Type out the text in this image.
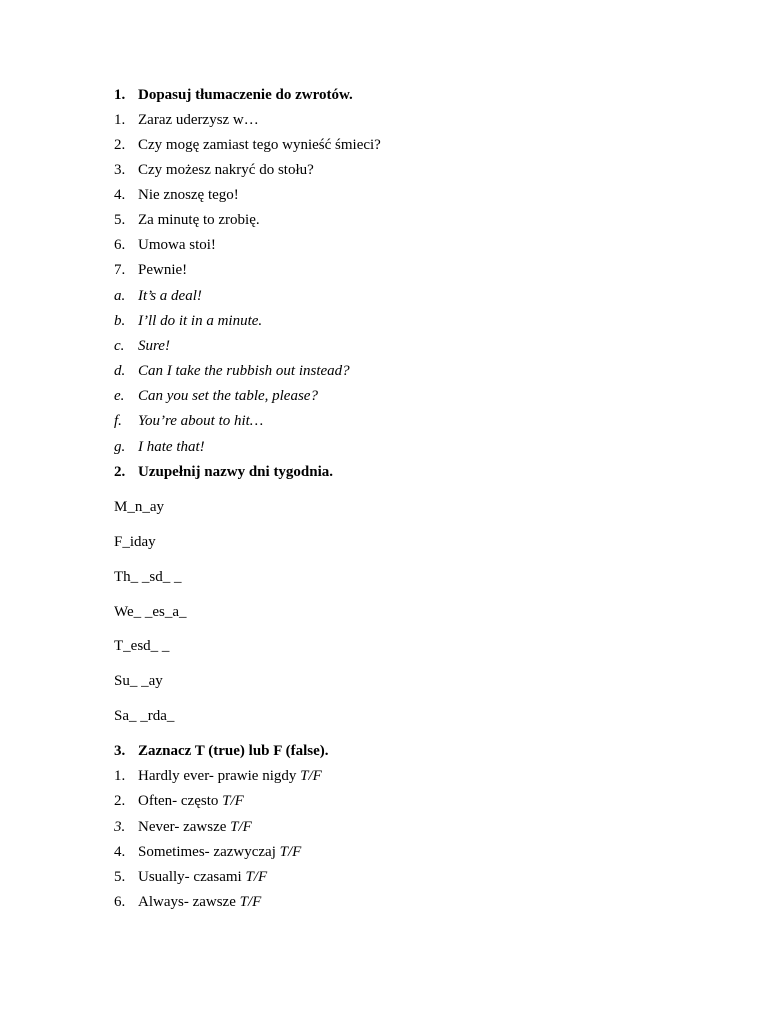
1. Dopasuj tłumaczenie do zwrotów.
1. Zaraz uderzysz w…
2. Czy mogę zamiast tego wynieść śmieci?
3. Czy możesz nakryć do stołu?
4. Nie znoszę tego!
5. Za minutę to zrobię.
6. Umowa stoi!
7. Pewnie!
a. It’s a deal!
b. I’ll do it in a minute.
c. Sure!
d. Can I take the rubbish out instead?
e. Can you set the table, please?
f. You’re about to hit…
g. I hate that!
2. Uzupełnij nazwy dni tygodnia.
M_n_ay
F_iday
Th_ _sd_ _
We_ _es_a_
T_esd_ _
Su_ _ay
Sa_ _rda_
3. Zaznacz T (true) lub F (false).
1. Hardly ever- prawie nigdy T/F
2. Often- często T/F
3. Never- zawsze T/F
4. Sometimes- zazwyczaj T/F
5. Usually- czasami T/F
6. Always- zawsze T/F
